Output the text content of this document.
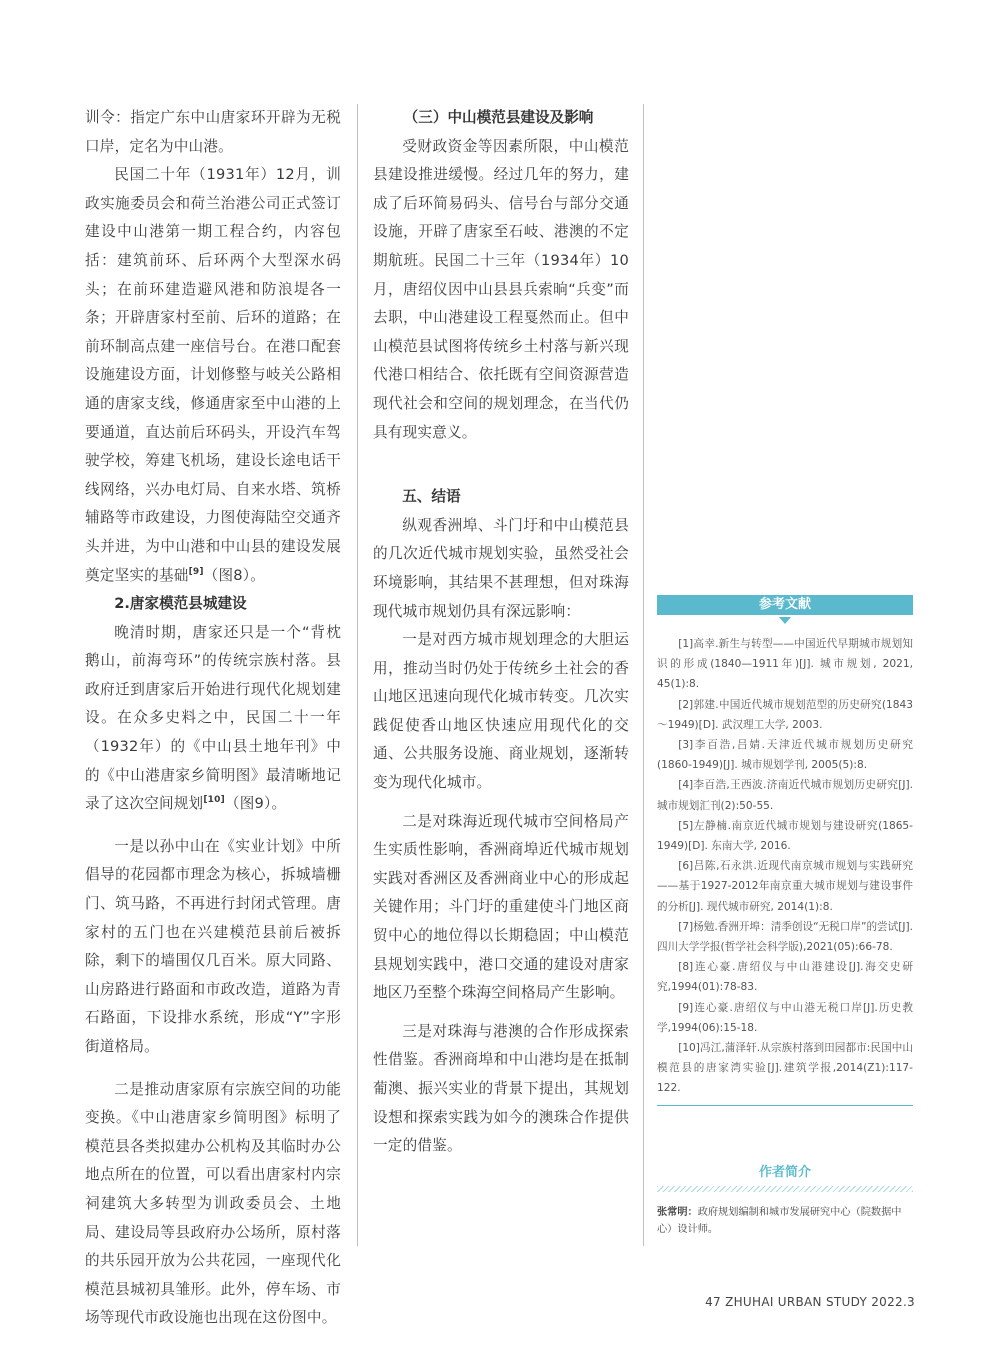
训令：指定广东中山唐家环开辟为无税口岸，定名为中山港。

民国二十年（1931年）12月，训政实施委员会和荷兰治港公司正式签订建设中山港第一期工程合约，内容包括：建筑前环、后环两个大型深水码头；在前环建造避风港和防浪堤各一条；开辟唐家村至前、后环的道路；在前环制高点建一座信号台。在港口配套设施建设方面，计划修整与岐关公路相通的唐家支线，修通唐家至中山港的上要通道，直达前后环码头，开设汽车驾驶学校，筹建飞机场，建设长途电话干线网络，兴办电灯局、自来水塔、筑桥辅路等市政建设，力图使海陆空交通齐头并进，为中山港和中山县的建设发展奠定坚实的基础[9]（图8）。

2.唐家模范县城建设

晚清时期，唐家还只是一个“背枕鹅山，前海弯环”的传统宗族村落。县政府迁到唐家后开始进行现代化规划建设。在众多史料之中，民国二十一年（1932年）的《中山县土地年刊》中的《中山港唐家乡简明图》最清晰地记录了这次空间规划[10]（图9）。

一是以孙中山在《实业计划》中所倡导的花园都市理念为核心，拆城墙栅门、筑马路，不再进行封闭式管理。唐家村的五门也在兴建模范县前后被拆除，剩下的墙围仅几百米。原大同路、山房路进行路面和市政改造，道路为青石路面，下设排水系统，形成“Y”字形街道格局。

二是推动唐家原有宗族空间的功能变换。《中山港唐家乡简明图》标明了模范县各类拟建办公机构及其临时办公地点所在的位置，可以看出唐家村内宗祠建筑大多转型为训政委员会、土地局、建设局等县政府办公场所，原村落的共乐园开放为公共花园，一座现代化模范县城初具雏形。此外，停车场、市场等现代市政设施也出现在这份图中。

（三）中山模范县建设及影响

受财政资金等因素所限，中山模范县建设推进缓慢。经过几年的努力，建成了后环简易码头、信号台与部分交通设施，开辟了唐家至石岐、港澳的不定期航班。民国二十三年（1934年）10月，唐绍仪因中山县县兵索晌“兵变”而去职，中山港建设工程戛然而止。但中山模范县试图将传统乡土村落与新兴现代港口相结合、依托既有空间资源营造现代社会和空间的规划理念，在当代仍具有现实意义。

五、结语

纵观香洲埠、斗门圩和中山模范县的几次近代城市规划实验，虽然受社会环境影响，其结果不甚理想，但对珠海现代城市规划仍具有深远影响：

一是对西方城市规划理念的大胆运用，推动当时仍处于传统乡土社会的香山地区迅速向现代化城市转变。几次实践促使香山地区快速应用现代化的交通、公共服务设施、商业规划，逐渐转变为现代化城市。

二是对珠海近现代城市空间格局产生实质性影响，香洲商埠近代城市规划实践对香洲区及香洲商业中心的形成起关键作用；斗门圩的重建使斗门地区商贸中心的地位得以长期稳固；中山模范县规划实践中，港口交通的建设对唐家地区乃至整个珠海空间格局产生影响。

三是对珠海与港澳的合作形成探索性借鉴。香洲商埠和中山港均是在抵制葡澳、振兴实业的背景下提出，其规划设想和探索实践为如今的澳珠合作提供一定的借鉴。

参考文献

[1]高幸.新生与转型——中国近代早期城市规划知识的形成(1840—1911年)[J]. 城市规划, 2021, 45(1):8.

[2]郭建.中国近代城市规划范型的历史研究(1843～1949)[D]. 武汉理工大学, 2003.

[3]李百浩,吕婧.天津近代城市规划历史研究(1860-1949)[J]. 城市规划学刊, 2005(5):8.

[4]李百浩,王西波.济南近代城市规划历史研究[J]. 城市规划汇刊(2):50-55.

[5]左静楠.南京近代城市规划与建设研究(1865-1949)[D]. 东南大学, 2016.

[6]吕陈,石永洪.近现代南京城市规划与实践研究——基于1927-2012年南京重大城市规划与建设事件的分析[J]. 现代城市研究, 2014(1):8.

[7]杨勉.香洲开埠：清季创设“无税口岸”的尝试[J].四川大学学报(哲学社会科学版),2021(05):66-78.

[8]连心豪.唐绍仪与中山港建设[J].海交史研究,1994(01):78-83.

[9]连心豪.唐绍仪与中山港无税口岸[J].历史教学,1994(06):15-18.

[10]冯江,蒲泽轩.从宗族村落到田园都市:民国中山模范县的唐家湾实验[J].建筑学报,2014(Z1):117-122.

作者简介
张常明：政府规划编制和城市发展研究中心（院数据中心）设计师。
47 ZHUHAI URBAN STUDY 2022.3
